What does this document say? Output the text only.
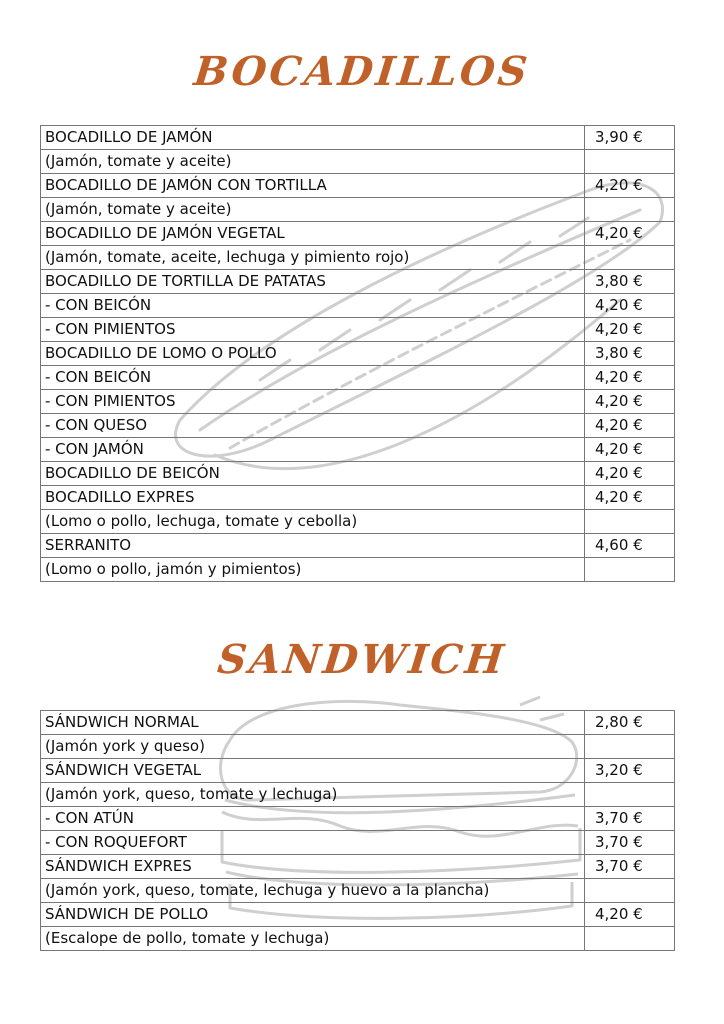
BOCADILLOS
BOCADILLO DE JAMÓN	3,90 €
(Jamón, tomate y aceite)	
BOCADILLO DE JAMÓN CON TORTILLA	4,20 €
(Jamón, tomate y aceite)	
BOCADILLO DE JAMÓN VEGETAL	4,20 €
(Jamón, tomate, aceite, lechuga y pimiento rojo)	
BOCADILLO DE TORTILLA DE PATATAS	3,80 €
- CON BEICÓN	4,20 €
- CON PIMIENTOS	4,20 €
BOCADILLO DE LOMO O POLLO	3,80 €
- CON BEICÓN	4,20 €
- CON PIMIENTOS	4,20 €
- CON QUESO	4,20 €
- CON JAMÓN	4,20 €
BOCADILLO DE BEICÓN	4,20 €
BOCADILLO EXPRES	4,20 €
(Lomo o pollo, lechuga, tomate y cebolla)	
SERRANITO	4,60 €
(Lomo o pollo, jamón y pimientos)	
SANDWICH
SÁNDWICH NORMAL	2,80 €
(Jamón york y queso)	
SÁNDWICH VEGETAL	3,20 €
(Jamón york, queso, tomate y lechuga)	
- CON ATÚN	3,70 €
- CON ROQUEFORT	3,70 €
SÁNDWICH EXPRES	3,70 €
(Jamón york, queso, tomate, lechuga y huevo a la plancha)	
SÁNDWICH DE POLLO	4,20 €
(Escalope de pollo, tomate y lechuga)	
